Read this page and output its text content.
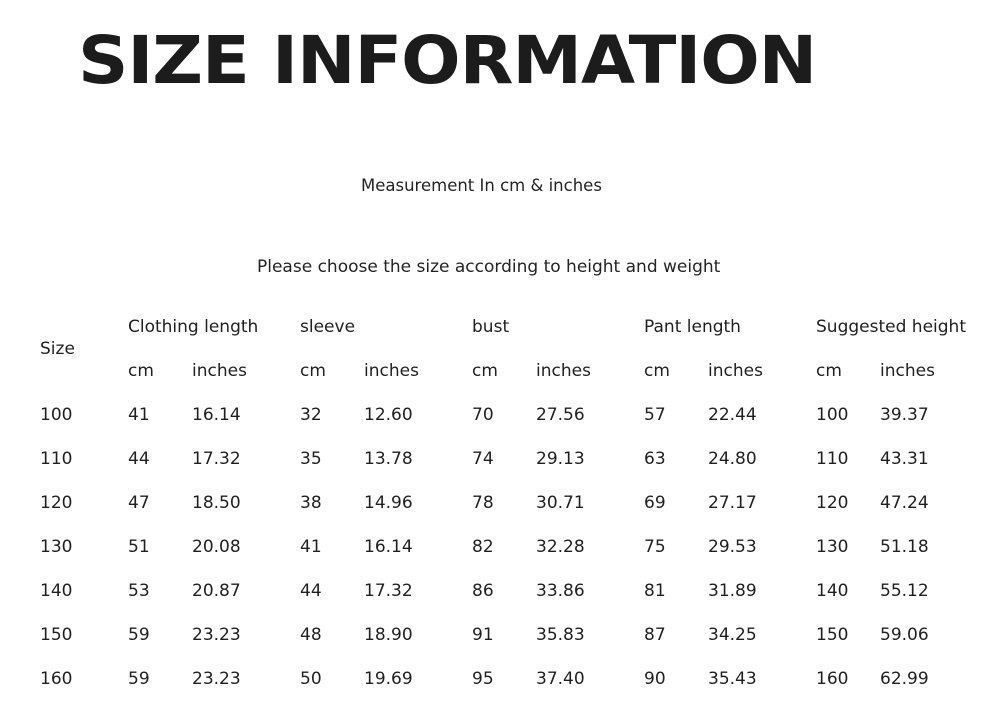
SIZE INFORMATION
Measurement In cm & inches
Please choose the size according to height and weight
Size	Clothing length		sleeve		bust		Pant length		Suggested height	
	cm	inches	cm	inches	cm	inches	cm	inches	cm	inches
100	41	16.14	32	12.60	70	27.56	57	22.44	100	39.37
110	44	17.32	35	13.78	74	29.13	63	24.80	110	43.31
120	47	18.50	38	14.96	78	30.71	69	27.17	120	47.24
130	51	20.08	41	16.14	82	32.28	75	29.53	130	51.18
140	53	20.87	44	17.32	86	33.86	81	31.89	140	55.12
150	59	23.23	48	18.90	91	35.83	87	34.25	150	59.06
160	59	23.23	50	19.69	95	37.40	90	35.43	160	62.99
